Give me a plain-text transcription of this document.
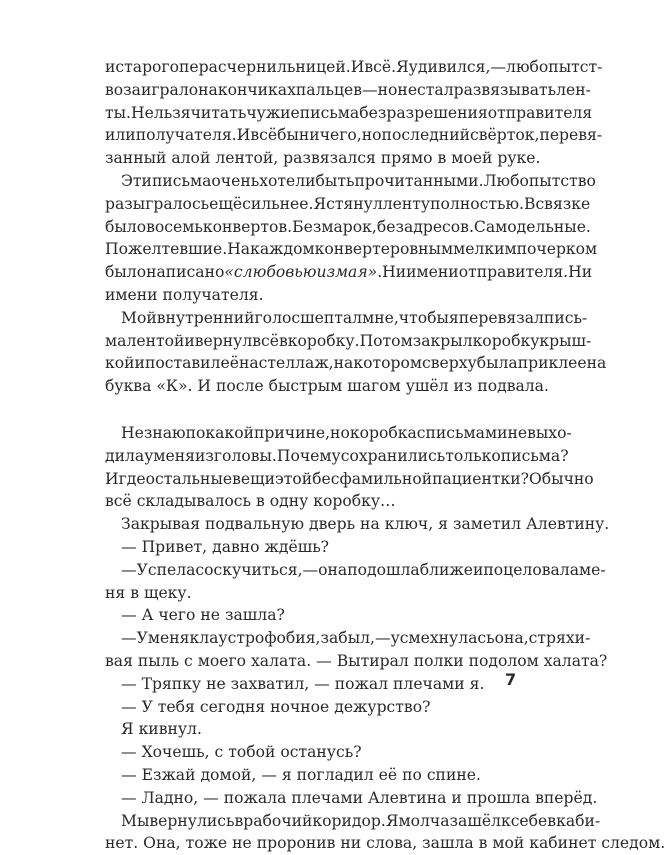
и старого пера с чернильницей. И всё. Я удивился, — любопытст-
во заиграло на кончиках пальцев — но не стал развязывать лен-
ты. Нельзя читать чужие письма без разрешения отправителя
или получателя. И всё бы ничего, но последний свёрток, перевя-
занный алой лентой, развязался прямо в моей руке.
Эти письма очень хотели быть прочитанными. Любопытство
разыгралось ещё сильнее. Я стянул ленту полностью. В связке
было восемь конвертов. Без марок, без адресов. Самодельные.
Пожелтевшие. На каждом конверте ровным мелким почерком
было написано «с любовью из мая» . Ни имени отправителя. Ни
имени получателя.
Мой внутренний голос шептал мне, чтобы я перевязал пись-
ма лентой и вернул всё в коробку. Потом закрыл коробку крыш-
кой и поставил её на стеллаж, на котором сверху была приклеена
буква «К». И после быстрым шагом ушёл из подвала.
Не знаю по какой причине, но коробка с письмами не выхо-
дила у меня из головы. Почему сохранились только письма?
И где остальные вещи этой бесфамильной пациентки? Обычно
всё складывалось в одну коробку…
Закрывая подвальную дверь на ключ, я заметил Алевтину.
— Привет, давно ждёшь?
— Успела соскучиться, — она подошла ближе и поцеловала ме-
ня в щеку.
— А чего не зашла?
— У меня клаустрофобия, забыл, — усмехнулась она, стряхи-
вая пыль с моего халата. — Вытирал полки подолом халата?
— Тряпку не захватил, — пожал плечами я.
— У тебя сегодня ночное дежурство?
Я кивнул.
— Хочешь, с тобой останусь?
— Езжай домой, — я погладил её по спине.
— Ладно, — пожала плечами Алевтина и прошла вперёд.
Мы вернулись в рабочий коридор. Я молча зашёл к себе в каби-
нет. Она, тоже не проронив ни слова, зашла в мой кабинет следом.
7
